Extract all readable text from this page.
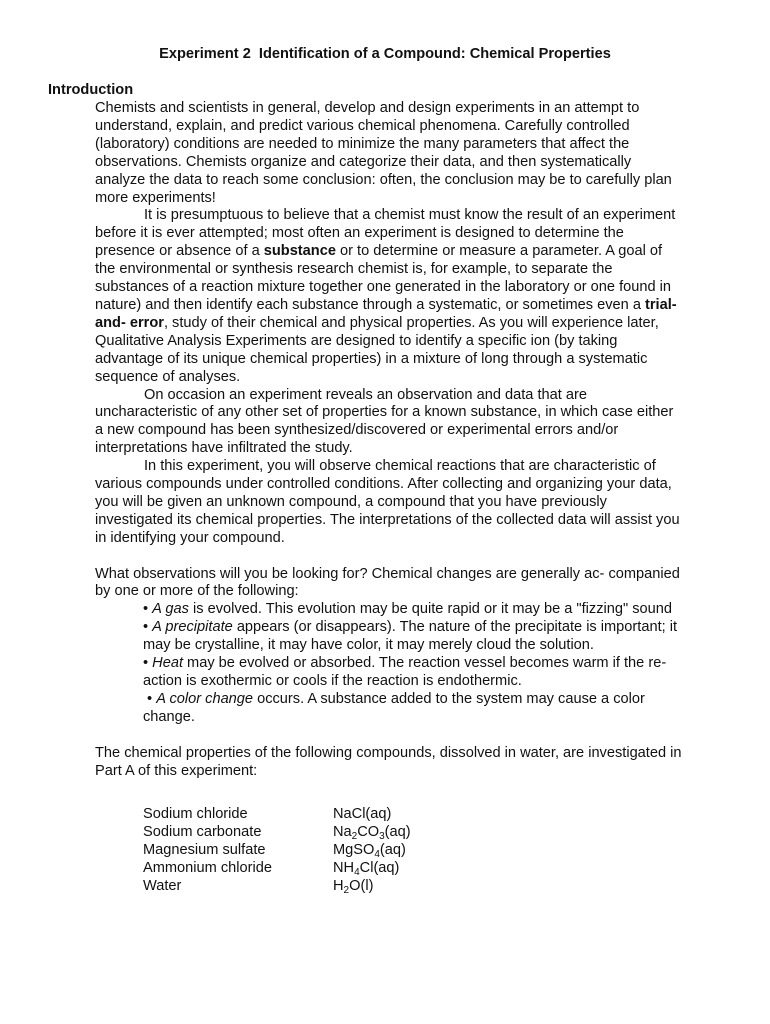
Experiment 2  Identification of a Compound: Chemical Properties
Introduction

Chemists and scientists in general, develop and design experiments in an attempt to understand, explain, and predict various chemical phenomena. Carefully controlled (laboratory) conditions are needed to minimize the many parameters that affect the observations. Chemists organize and categorize their data, and then systematically analyze the data to reach some conclusion: often, the conclusion may be to carefully plan more experiments!

It is presumptuous to believe that a chemist must know the result of an experiment before it is ever attempted; most often an experiment is designed to determine the presence or absence of a substance or to determine or measure a parameter. A goal of the environmental or synthesis research chemist is, for example, to separate the substances of a reaction mixture together one generated in the laboratory or one found in nature) and then identify each substance through a systematic, or sometimes even a trial-and- error, study of their chemical and physical properties. As you will experience later, Qualitative Analysis Experiments are designed to identify a specific ion (by taking advantage of its unique chemical properties) in a mixture of long through a systematic sequence of analyses.

On occasion an experiment reveals an observation and data that are uncharacteristic of any other set of properties for a known substance, in which case either a new compound has been synthesized/discovered or experimental errors and/or interpretations have infiltrated the study.

In this experiment, you will observe chemical reactions that are characteristic of various compounds under controlled conditions. After collecting and organizing your data, you will be given an unknown compound, a compound that you have previously investigated its chemical properties. The interpretations of the collected data will assist you in identifying your compound.

What observations will you be looking for? Chemical changes are generally ac- companied by one or more of the following:

• A gas is evolved. This evolution may be quite rapid or it may be a "fizzing" sound

• A precipitate appears (or disappears). The nature of the precipitate is important; it may be crystalline, it may have color, it may merely cloud the solution.

• Heat may be evolved or absorbed. The reaction vessel becomes warm if the re- action is exothermic or cools if the reaction is endothermic.

• A color change occurs. A substance added to the system may cause a color change.

The chemical properties of the following compounds, dissolved in water, are investigated in Part A of this experiment:

Sodium chloride	NaCl(aq)
Sodium carbonate	$Na_2CO_3(aq)$
Magnesium sulfate	MgSO$_4$(aq)
Ammonium chloride	$NH_4Cl(aq)$
Water	$H_2O(l)$
